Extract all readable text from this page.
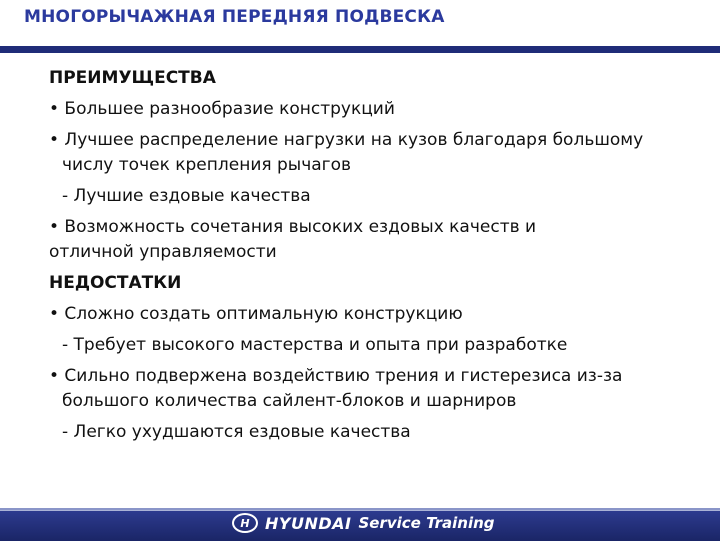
МНОГОРЫЧАЖНАЯ ПЕРЕДНЯЯ ПОДВЕСКА
ПРЕИМУЩЕСТВА
• Большее разнообразие конструкций
• Лучшее распределение нагрузки на кузов благодаря большому
числу точек крепления рычагов
- Лучшие ездовые качества
• Возможность сочетания высоких ездовых качеств и
отличной управляемости
НЕДОСТАТКИ
• Сложно создать оптимальную конструкцию
- Требует высокого мастерства и опыта при разработке
• Сильно подвержена воздействию трения и гистерезиса из-за
большого количества сайлент-блоков и шарниров
- Легко ухудшаются ездовые качества
H HYUNDAI Service Training
